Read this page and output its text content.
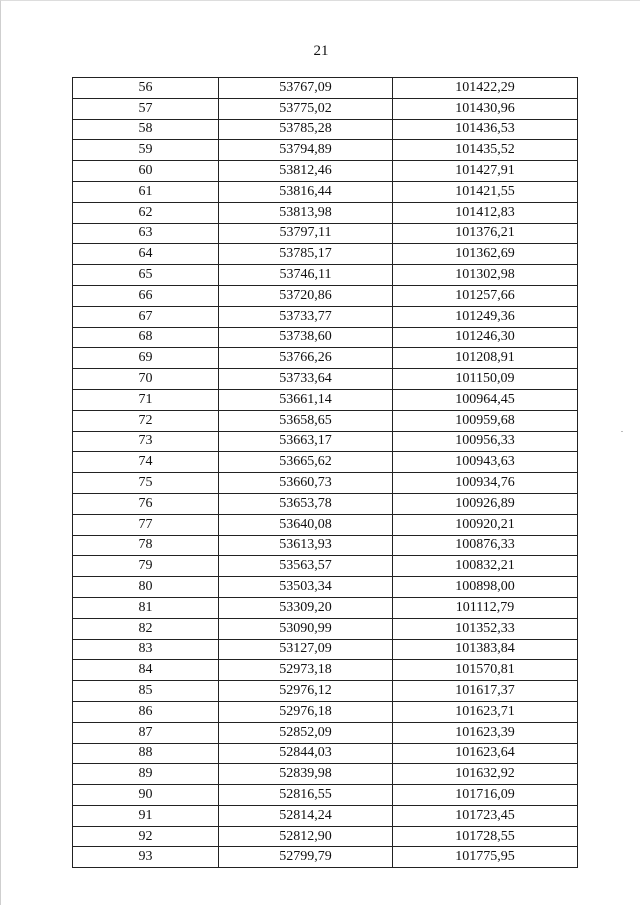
21
56	53767,09	101422,29
57	53775,02	101430,96
58	53785,28	101436,53
59	53794,89	101435,52
60	53812,46	101427,91
61	53816,44	101421,55
62	53813,98	101412,83
63	53797,11	101376,21
64	53785,17	101362,69
65	53746,11	101302,98
66	53720,86	101257,66
67	53733,77	101249,36
68	53738,60	101246,30
69	53766,26	101208,91
70	53733,64	101150,09
71	53661,14	100964,45
72	53658,65	100959,68
73	53663,17	100956,33
74	53665,62	100943,63
75	53660,73	100934,76
76	53653,78	100926,89
77	53640,08	100920,21
78	53613,93	100876,33
79	53563,57	100832,21
80	53503,34	100898,00
81	53309,20	101112,79
82	53090,99	101352,33
83	53127,09	101383,84
84	52973,18	101570,81
85	52976,12	101617,37
86	52976,18	101623,71
87	52852,09	101623,39
88	52844,03	101623,64
89	52839,98	101632,92
90	52816,55	101716,09
91	52814,24	101723,45
92	52812,90	101728,55
93	52799,79	101775,95
